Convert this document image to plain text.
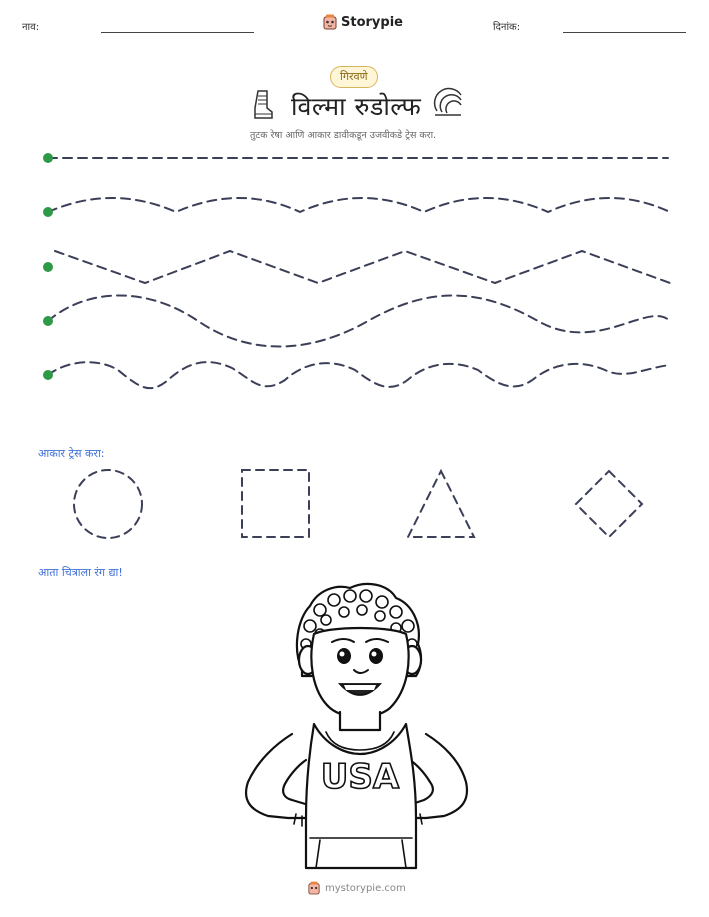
नाव:	Storypie	दिनांक:
गिरवणे
विल्मा रुडोल्फ
तुटक रेषा आणि आकार डावीकडून उजवीकडे ट्रेस करा.
आकार ट्रेस करा:
आता चित्राला रंग द्या!
USA
mystorypie.com
